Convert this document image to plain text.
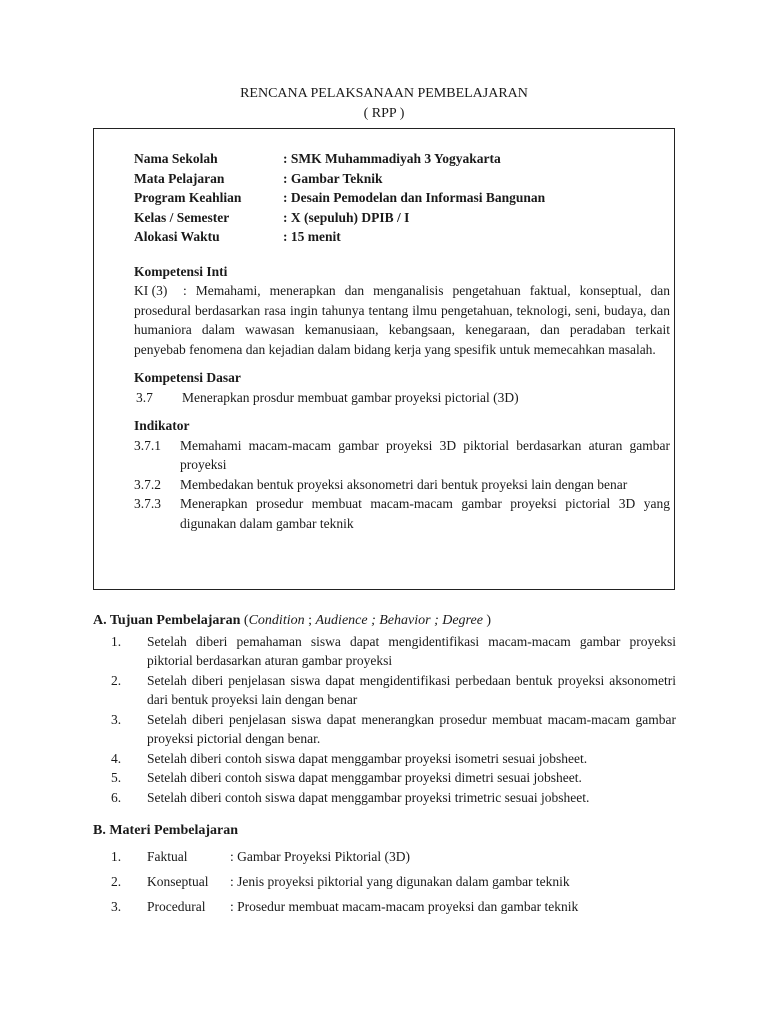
RENCANA PELAKSANAAN PEMBELAJARAN
( RPP )
Nama Sekolah	: SMK Muhammadiyah 3 Yogyakarta
Mata Pelajaran	: Gambar Teknik
Program Keahlian	: Desain Pemodelan dan Informasi Bangunan
Kelas / Semester	: X (sepuluh) DPIB / I
Alokasi Waktu	: 15 menit
Kompetensi Inti
KI (3) : Memahami, menerapkan dan menganalisis pengetahuan faktual, konseptual, dan prosedural berdasarkan rasa ingin tahunya tentang ilmu pengetahuan, teknologi, seni, budaya, dan humaniora dalam wawasan kemanusiaan, kebangsaan, kenegaraan, dan peradaban terkait penyebab fenomena dan kejadian dalam bidang kerja yang spesifik untuk memecahkan masalah.
Kompetensi Dasar
3.7	Menerapkan prosdur membuat gambar proyeksi pictorial (3D)
Indikator
3.7.1	Memahami macam-macam gambar proyeksi 3D piktorial berdasarkan aturan gambar proyeksi
3.7.2	Membedakan bentuk proyeksi aksonometri dari bentuk proyeksi lain dengan benar
3.7.3	Menerapkan prosedur membuat macam-macam gambar proyeksi pictorial 3D yang digunakan dalam gambar teknik
A. Tujuan Pembelajaran (Condition ; Audience ; Behavior ; Degree )
1.	Setelah diberi pemahaman siswa dapat mengidentifikasi macam-macam gambar proyeksi piktorial berdasarkan aturan gambar proyeksi
2.	Setelah diberi penjelasan siswa dapat mengidentifikasi perbedaan bentuk proyeksi aksonometri dari bentuk proyeksi lain dengan benar
3.	Setelah diberi penjelasan siswa dapat menerangkan prosedur membuat macam-macam gambar proyeksi pictorial dengan benar.
4.	Setelah diberi contoh siswa dapat menggambar proyeksi isometri sesuai jobsheet.
5.	Setelah diberi contoh siswa dapat menggambar proyeksi dimetri sesuai jobsheet.
6.	Setelah diberi contoh siswa dapat menggambar proyeksi trimetric sesuai jobsheet.
B. Materi Pembelajaran
1.	Faktual	: Gambar Proyeksi Piktorial (3D)
2.	Konseptual	: Jenis proyeksi piktorial yang digunakan dalam gambar teknik
3.	Procedural	: Prosedur membuat macam-macam proyeksi dan gambar teknik
